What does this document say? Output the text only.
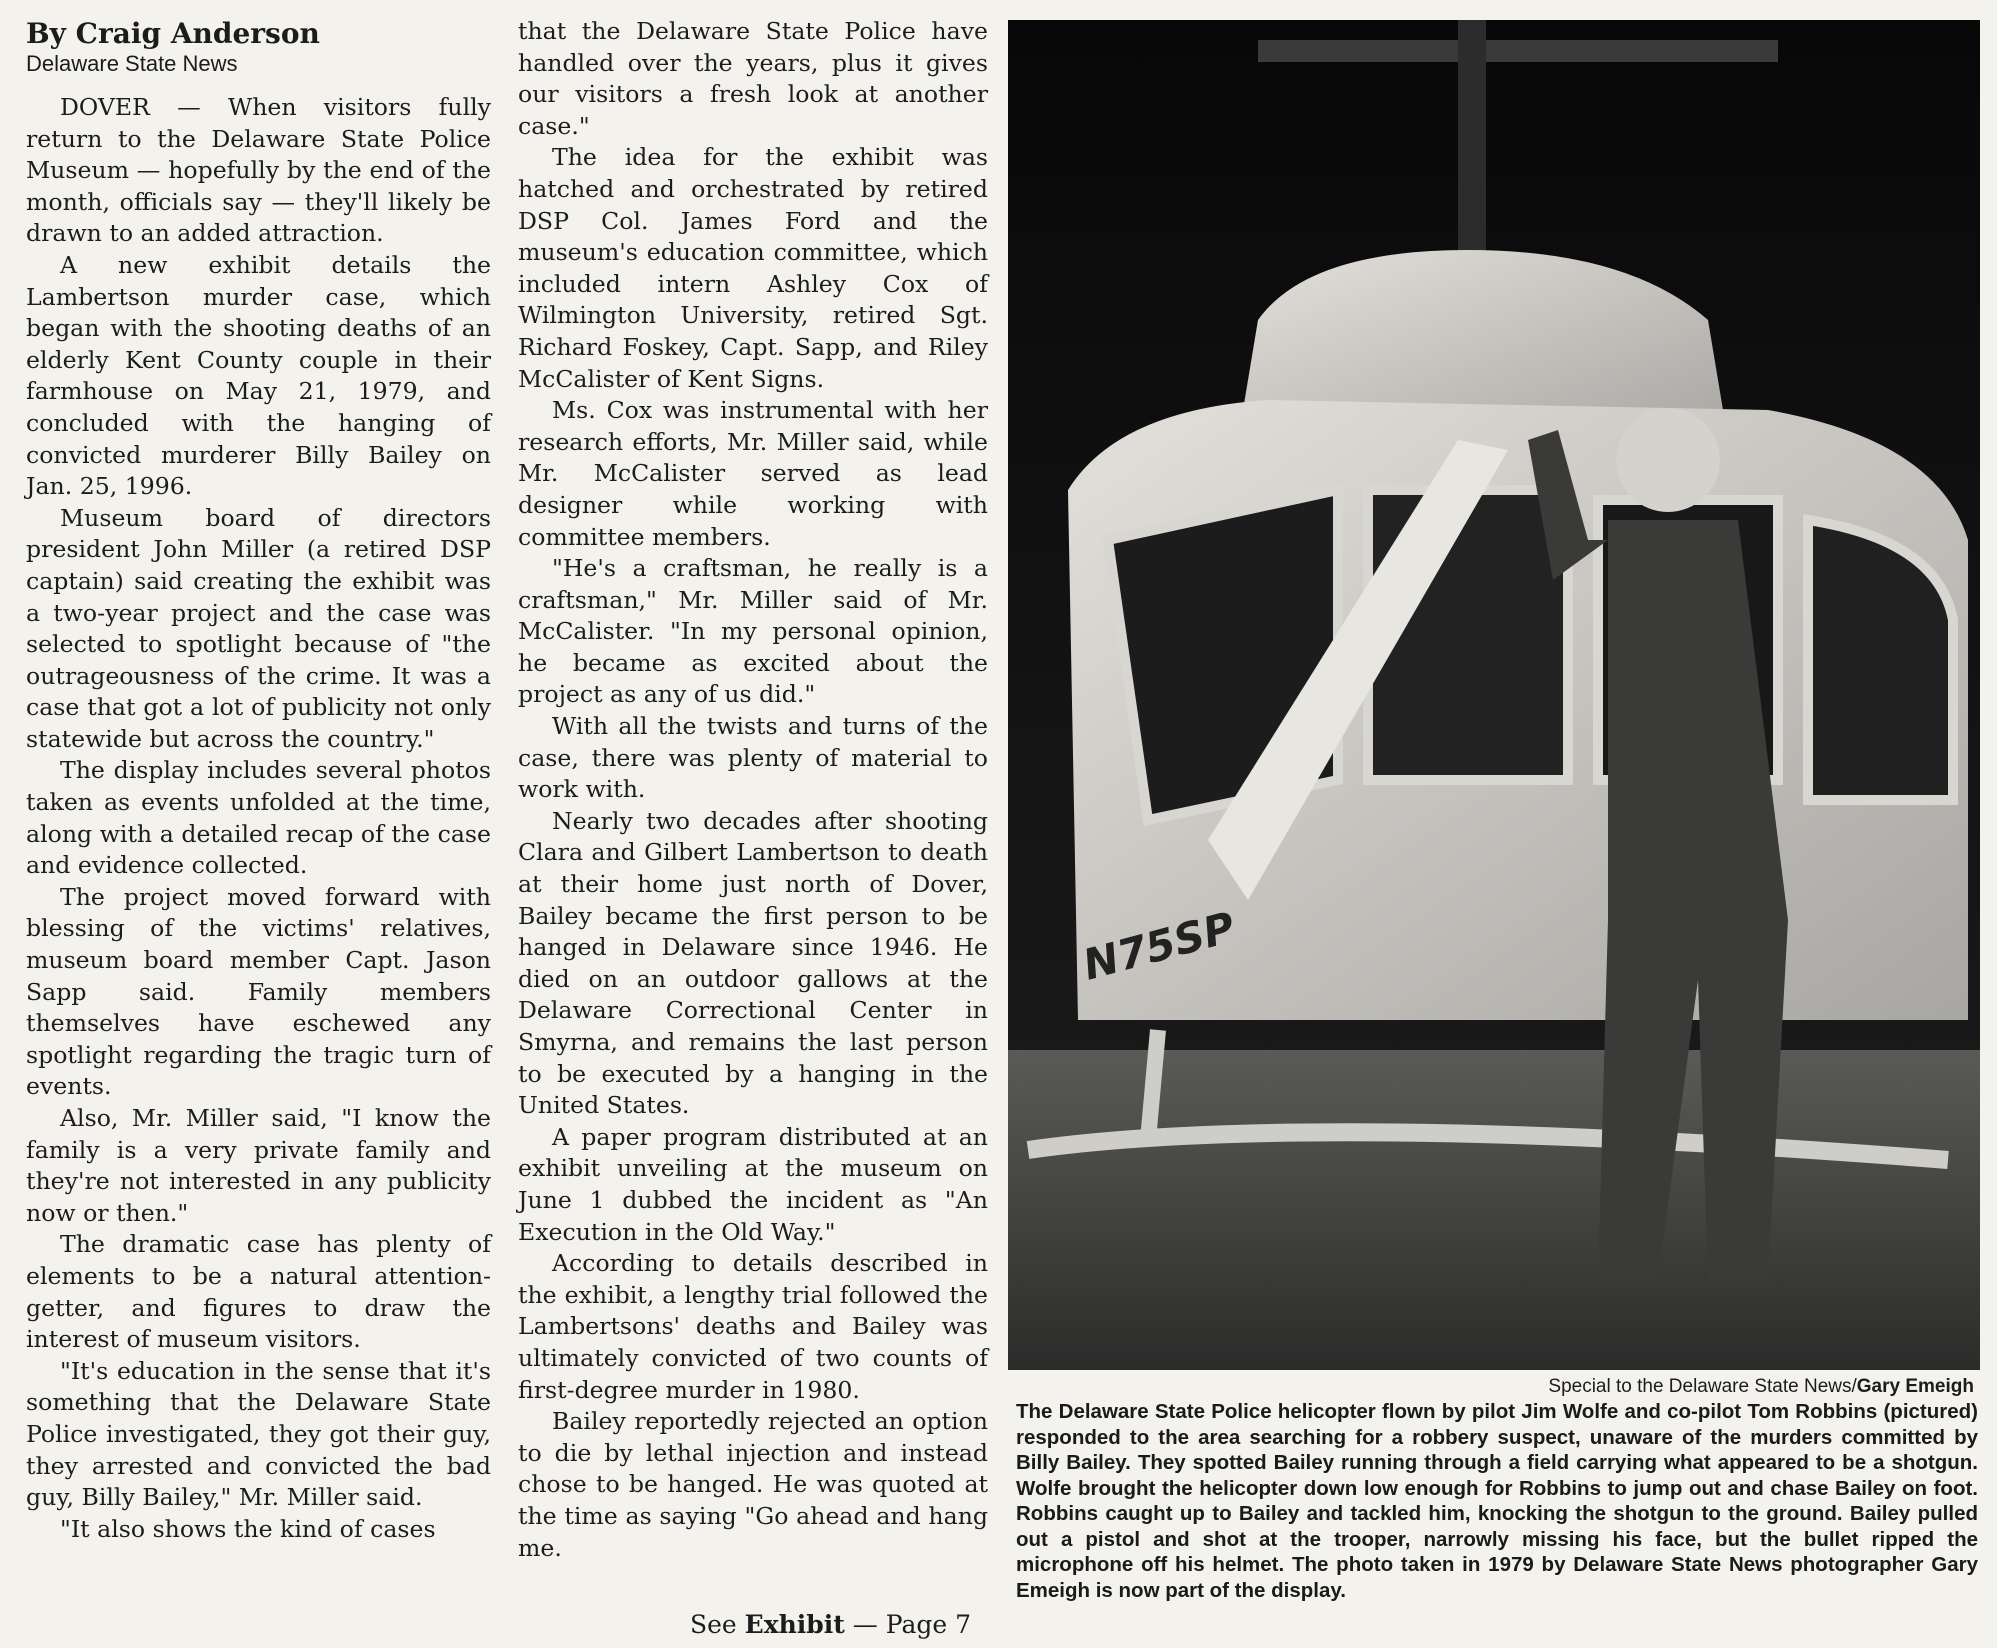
By Craig Anderson
Delaware State News

DOVER — When visitors fully return to the Delaware State Police Museum — hopefully by the end of the month, officials say — they'll likely be drawn to an added attraction.

A new exhibit details the Lambertson murder case, which began with the shooting deaths of an elderly Kent County couple in their farmhouse on May 21, 1979, and concluded with the hanging of convicted murderer Billy Bailey on Jan. 25, 1996.

Museum board of directors president John Miller (a retired DSP captain) said creating the exhibit was a two-year project and the case was selected to spotlight because of "the outrageousness of the crime. It was a case that got a lot of publicity not only statewide but across the country."

The display includes several photos taken as events unfolded at the time, along with a detailed recap of the case and evidence collected.

The project moved forward with blessing of the victims' relatives, museum board member Capt. Jason Sapp said. Family members themselves have eschewed any spotlight regarding the tragic turn of events.

Also, Mr. Miller said, "I know the family is a very private family and they're not interested in any publicity now or then."

The dramatic case has plenty of elements to be a natural attention-getter, and figures to draw the interest of museum visitors.

"It's education in the sense that it's something that the Delaware State Police investigated, they got their guy, they arrested and convicted the bad guy, Billy Bailey," Mr. Miller said.

"It also shows the kind of cases

that the Delaware State Police have handled over the years, plus it gives our visitors a fresh look at another case."

The idea for the exhibit was hatched and orchestrated by retired DSP Col. James Ford and the museum's education committee, which included intern Ashley Cox of Wilmington University, retired Sgt. Richard Foskey, Capt. Sapp, and Riley McCalister of Kent Signs.

Ms. Cox was instrumental with her research efforts, Mr. Miller said, while Mr. McCalister served as lead designer while working with committee members.

"He's a craftsman, he really is a craftsman," Mr. Miller said of Mr. McCalister. "In my personal opinion, he became as excited about the project as any of us did."

With all the twists and turns of the case, there was plenty of material to work with.

Nearly two decades after shooting Clara and Gilbert Lambertson to death at their home just north of Dover, Bailey became the first person to be hanged in Delaware since 1946. He died on an outdoor gallows at the Delaware Correctional Center in Smyrna, and remains the last person to be executed by a hanging in the United States.

A paper program distributed at an exhibit unveiling at the museum on June 1 dubbed the incident as "An Execution in the Old Way."

According to details described in the exhibit, a lengthy trial followed the Lambertsons' deaths and Bailey was ultimately convicted of two counts of first-degree murder in 1980.

Bailey reportedly rejected an option to die by lethal injection and instead chose to be hanged. He was quoted at the time as saying "Go ahead and hang me.

See Exhibit — Page 7
N75SP
Special to the Delaware State News/Gary Emeigh
The Delaware State Police helicopter flown by pilot Jim Wolfe and co-pilot Tom Robbins (pictured) responded to the area searching for a robbery suspect, unaware of the murders committed by Billy Bailey. They spotted Bailey running through a field carrying what appeared to be a shotgun. Wolfe brought the helicopter down low enough for Robbins to jump out and chase Bailey on foot. Robbins caught up to Bailey and tackled him, knocking the shotgun to the ground. Bailey pulled out a pistol and shot at the trooper, narrowly missing his face, but the bullet ripped the microphone off his helmet. The photo taken in 1979 by Delaware State News photographer Gary Emeigh is now part of the display.
